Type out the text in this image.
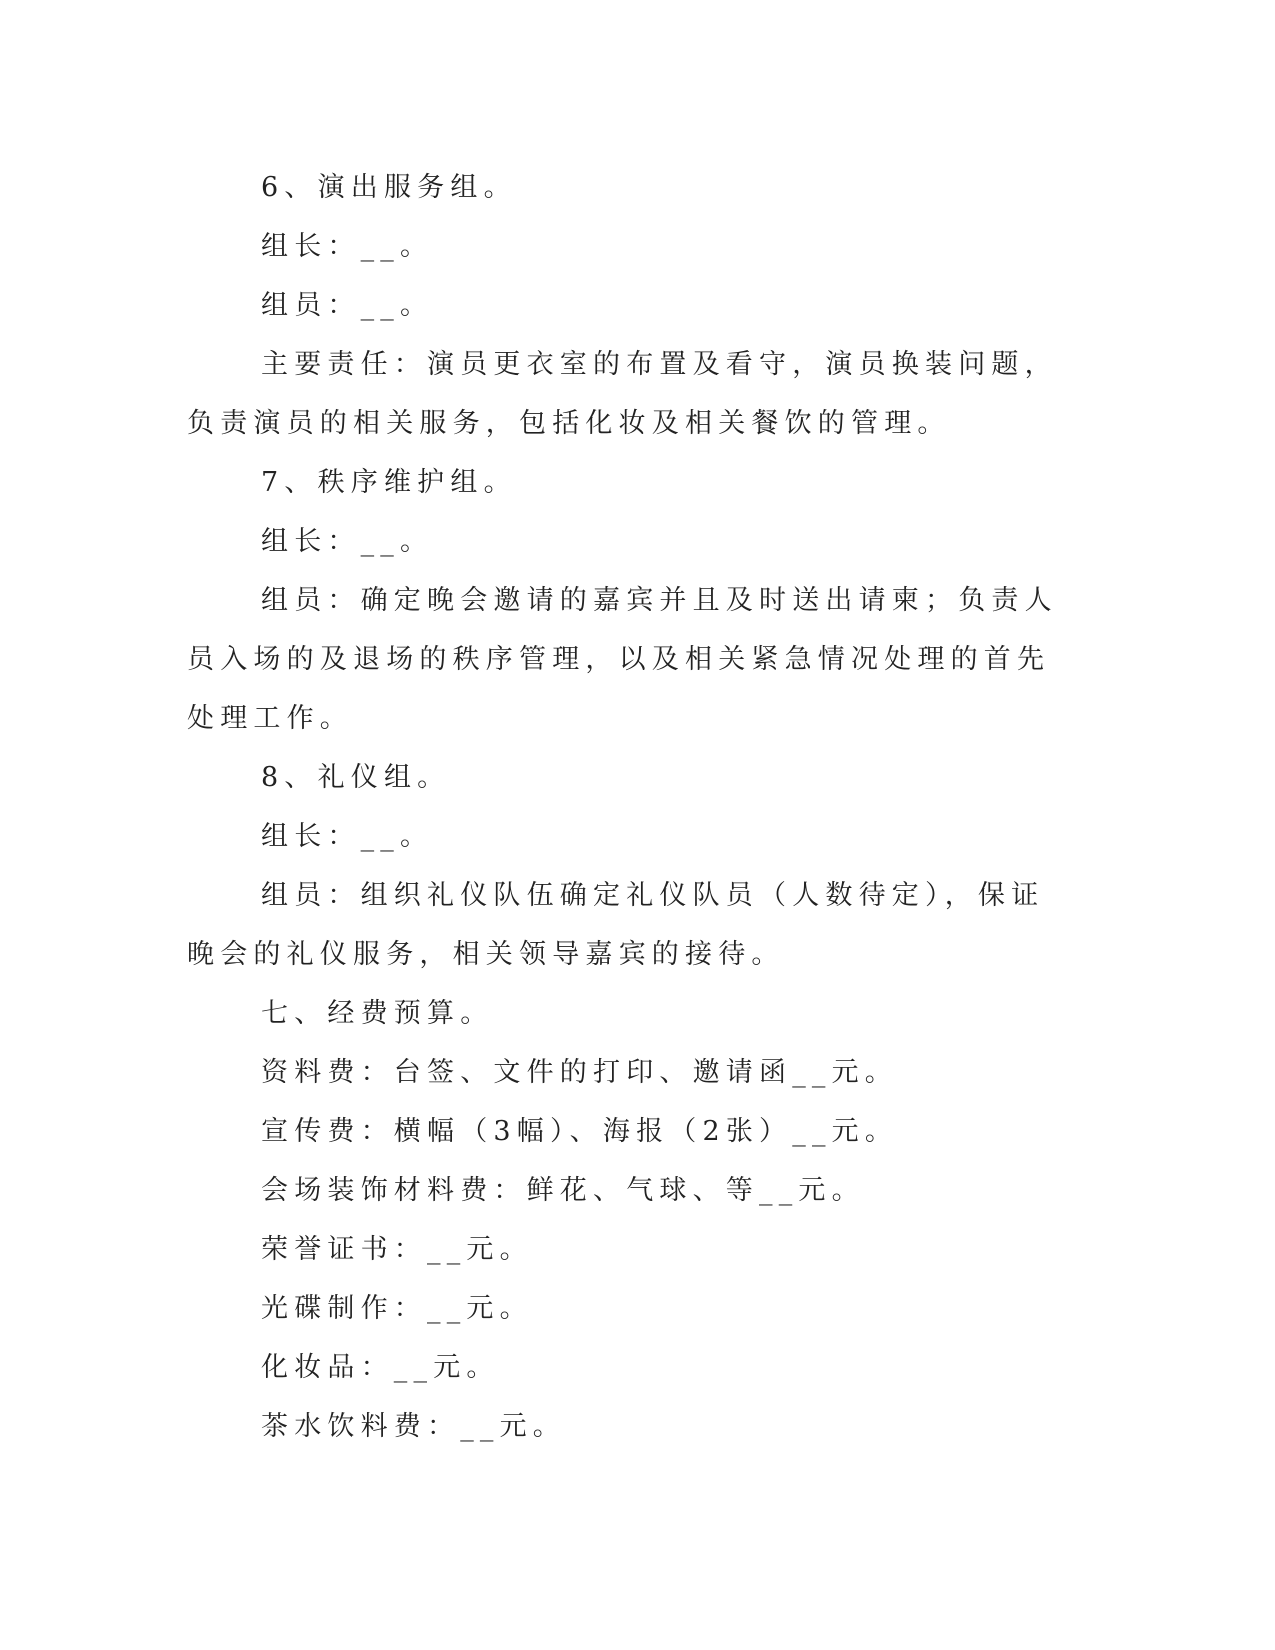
6、演出服务组。

组长：__。

组员：__。

主要责任：演员更衣室的布置及看守，演员换装问题，负责演员的相关服务，包括化妆及相关餐饮的管理。

7、秩序维护组。

组长：__。

组员：确定晚会邀请的嘉宾并且及时送出请柬；负责人员入场的及退场的秩序管理，以及相关紧急情况处理的首先处理工作。

8、礼仪组。

组长：__。

组员：组织礼仪队伍确定礼仪队员（人数待定），保证晚会的礼仪服务，相关领导嘉宾的接待。

七、经费预算。

资料费：台签、文件的打印、邀请函__元。

宣传费：横幅（3幅）、海报（2张）__元。

会场装饰材料费：鲜花、气球、等__元。

荣誉证书：__元。

光碟制作：__元。

化妆品：__元。

茶水饮料费：__元。
